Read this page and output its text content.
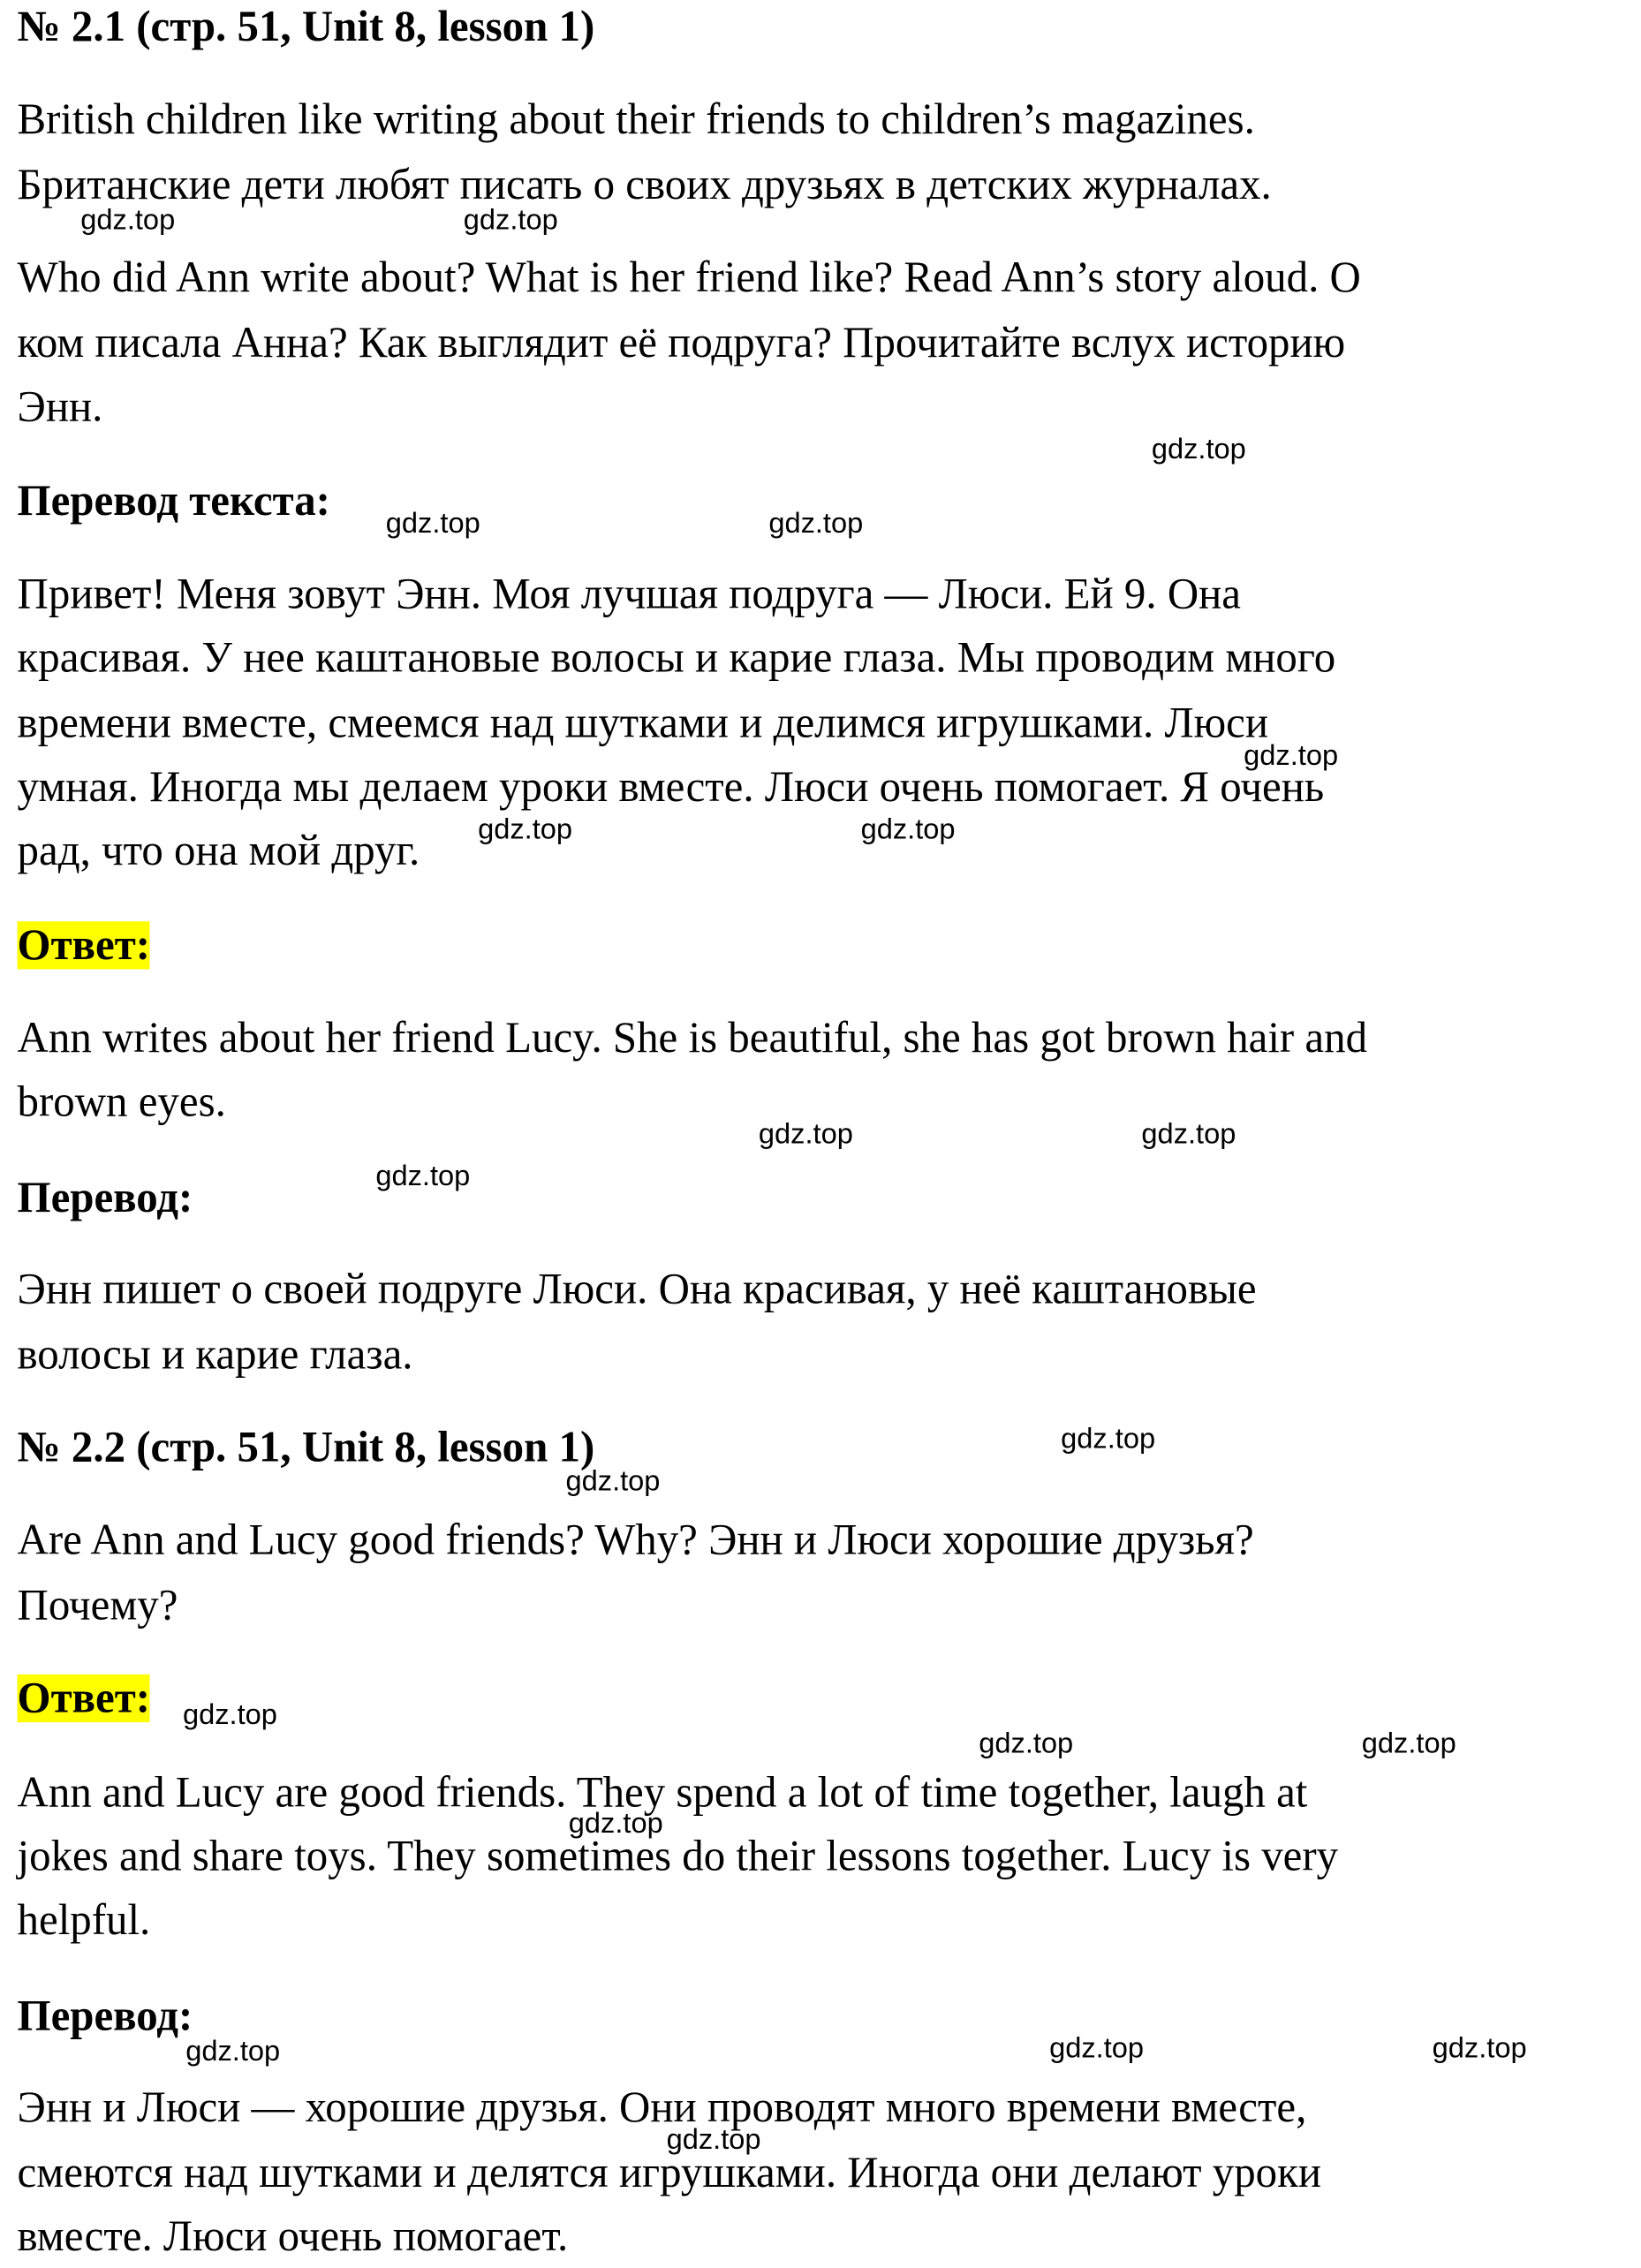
№ 2.1 (стр. 51, Unit 8, lesson 1)
British children like writing about their friends to children’s magazines.
Британские дети любят писать о своих друзьях в детских журналах.
Who did Ann write about? What is her friend like? Read Ann’s story aloud. О
ком писала Анна? Как выглядит её подруга? Прочитайте вслух историю
Энн.
Перевод текста:
Привет! Меня зовут Энн. Моя лучшая подруга — Люси. Ей 9. Она
красивая. У нее каштановые волосы и карие глаза. Мы проводим много
времени вместе, смеемся над шутками и делимся игрушками. Люси
умная. Иногда мы делаем уроки вместе. Люси очень помогает. Я очень
рад, что она мой друг.
Ответ:
Ann writes about her friend Lucy. She is beautiful, she has got brown hair and
brown eyes.
Перевод:
Энн пишет о своей подруге Люси. Она красивая, у неё каштановые
волосы и карие глаза.
№ 2.2 (стр. 51, Unit 8, lesson 1)
Are Ann and Lucy good friends? Why? Энн и Люси хорошие друзья?
Почему?
Ответ:
Ann and Lucy are good friends. They spend a lot of time together, laugh at
jokes and share toys. They sometimes do their lessons together. Lucy is very
helpful.
Перевод:
Энн и Люси — хорошие друзья. Они проводят много времени вместе,
смеются над шутками и делятся игрушками. Иногда они делают уроки
вместе. Люси очень помогает.
gdz.top	gdz.top
gdz.top
gdz.top	gdz.top
gdz.top
gdz.top	gdz.top
gdz.top	gdz.top
gdz.top
gdz.top
gdz.top
gdz.top
gdz.top	gdz.top
gdz.top
gdz.top	gdz.top	gdz.top
gdz.top
